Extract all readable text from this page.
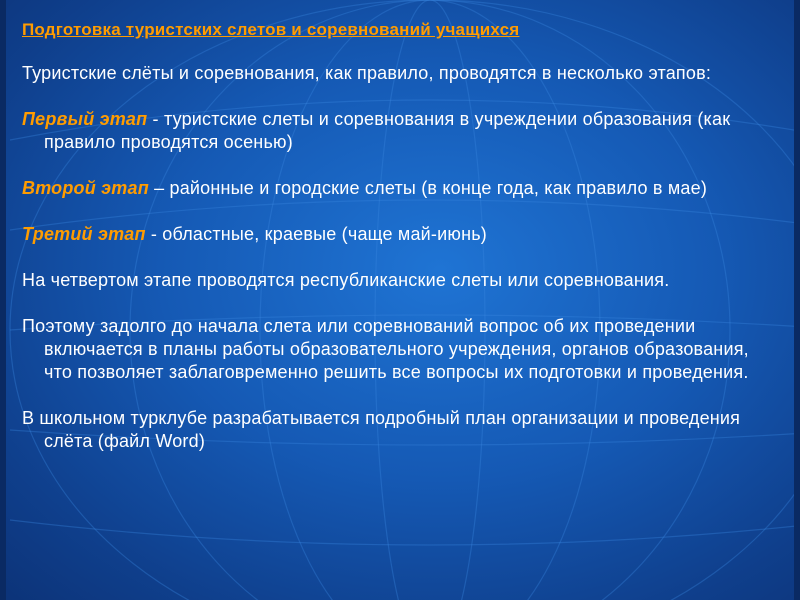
Подготовка туристских слетов и соревнований учащихся
Туристские слёты и соревнования, как правило, проводятся в несколько этапов:
Первый этап - туристские слеты и соревнования в учреждении образования (как правило проводятся осенью)
Второй этап – районные и городские слеты (в конце года, как правило в мае)
Третий этап - областные, краевые (чаще май-июнь)
На четвертом этапе проводятся республиканские слеты или соревнования.
Поэтому задолго до начала слета или соревнований вопрос об их проведении включается в планы работы образовательного учреждения, органов образования, что позволяет заблаговременно решить все вопросы их подготовки и проведения.
В школьном турклубе разрабатывается подробный план организации и проведения слёта (файл Word)
